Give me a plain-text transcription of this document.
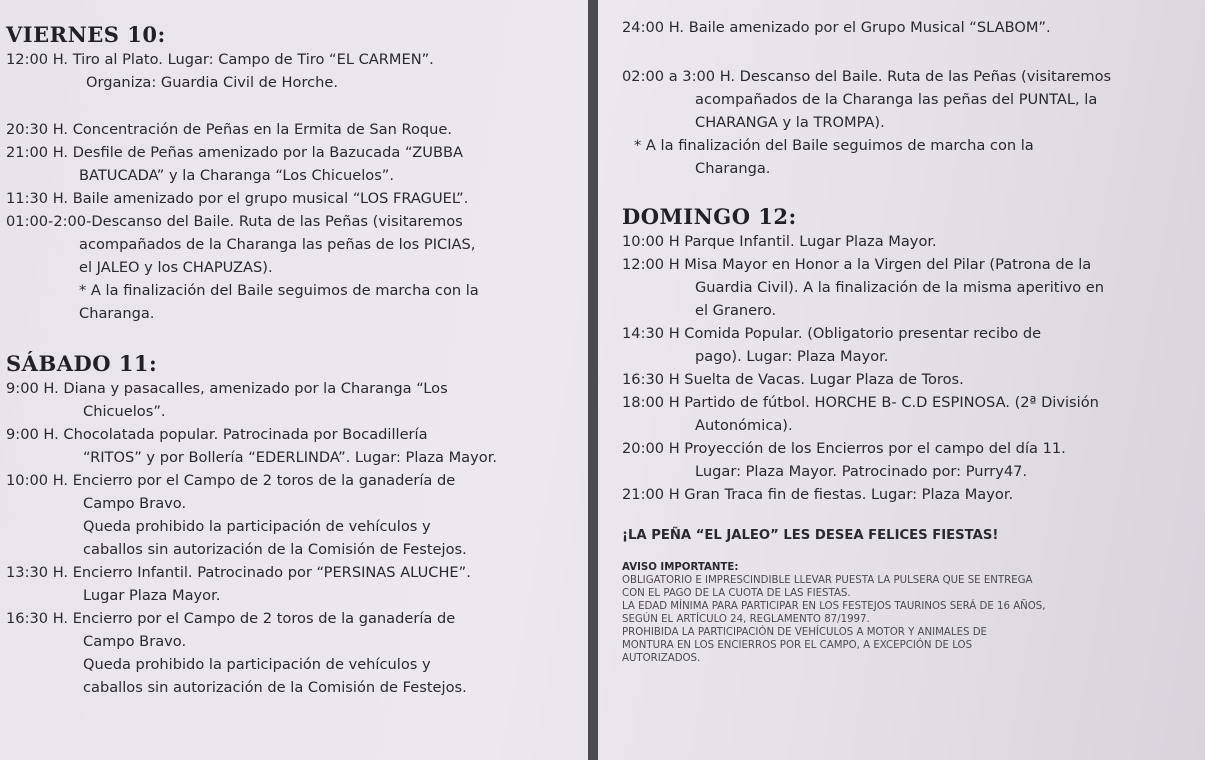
VIERNES 10:
12:00 H. Tiro al Plato. Lugar: Campo de Tiro “EL CARMEN”.
Organiza: Guardia Civil de Horche.
20:30 H. Concentración de Peñas en la Ermita de San Roque.
21:00 H. Desfile de Peñas amenizado por la Bazucada “ZUBBA
BATUCADA” y la Charanga “Los Chicuelos”.
11:30 H. Baile amenizado por el grupo musical “LOS FRAGUEL”.
01:00-2:00-Descanso del Baile. Ruta de las Peñas (visitaremos
acompañados de la Charanga las peñas de los PICIAS,
el JALEO y los CHAPUZAS).
* A la finalización del Baile seguimos de marcha con la
Charanga.
SÁBADO 11:
9:00 H. Diana y pasacalles, amenizado por la Charanga “Los
Chicuelos”.
9:00 H. Chocolatada popular. Patrocinada por Bocadillería
“RITOS” y por Bollería “EDERLINDA”. Lugar: Plaza Mayor.
10:00 H. Encierro por el Campo de 2 toros de la ganadería de
Campo Bravo.
Queda prohibido la participación de vehículos y
caballos sin autorización de la Comisión de Festejos.
13:30 H. Encierro Infantil. Patrocinado por “PERSINAS ALUCHE”.
Lugar Plaza Mayor.
16:30 H. Encierro por el Campo de 2 toros de la ganadería de
Campo Bravo.
Queda prohibido la participación de vehículos y
caballos sin autorización de la Comisión de Festejos.
24:00 H. Baile amenizado por el Grupo Musical “SLABOM”.
02:00 a 3:00 H. Descanso del Baile. Ruta de las Peñas (visitaremos
acompañados de la Charanga las peñas del PUNTAL, la
CHARANGA y la TROMPA).
* A la finalización del Baile seguimos de marcha con la
Charanga.
DOMINGO 12:
10:00 H Parque Infantil. Lugar Plaza Mayor.
12:00 H Misa Mayor en Honor a la Virgen del Pilar (Patrona de la
Guardia Civil). A la finalización de la misma aperitivo en
el Granero.
14:30 H Comida Popular. (Obligatorio presentar recibo de
pago). Lugar: Plaza Mayor.
16:30 H Suelta de Vacas. Lugar Plaza de Toros.
18:00 H Partido de fútbol. HORCHE B- C.D ESPINOSA. (2ª División
Autonómica).
20:00 H Proyección de los Encierros por el campo del día 11.
Lugar: Plaza Mayor. Patrocinado por: Purry47.
21:00 H Gran Traca fin de fiestas. Lugar: Plaza Mayor.
¡LA PEÑA “EL JALEO” LES DESEA FELICES FIESTAS!
AVISO IMPORTANTE:
OBLIGATORIO E IMPRESCINDIBLE LLEVAR PUESTA LA PULSERA QUE SE ENTREGA
CON EL PAGO DE LA CUOTA DE LAS FIESTAS.
LA EDAD MÍNIMA PARA PARTICIPAR EN LOS FESTEJOS TAURINOS SERÁ DE 16 AÑOS,
SEGÚN EL ARTÍCULO 24, REGLAMENTO 87/1997.
PROHIBIDA LA PARTICIPACIÓN DE VEHÍCULOS A MOTOR Y ANIMALES DE
MONTURA EN LOS ENCIERROS POR EL CAMPO, A EXCEPCIÓN DE LOS
AUTORIZADOS.
